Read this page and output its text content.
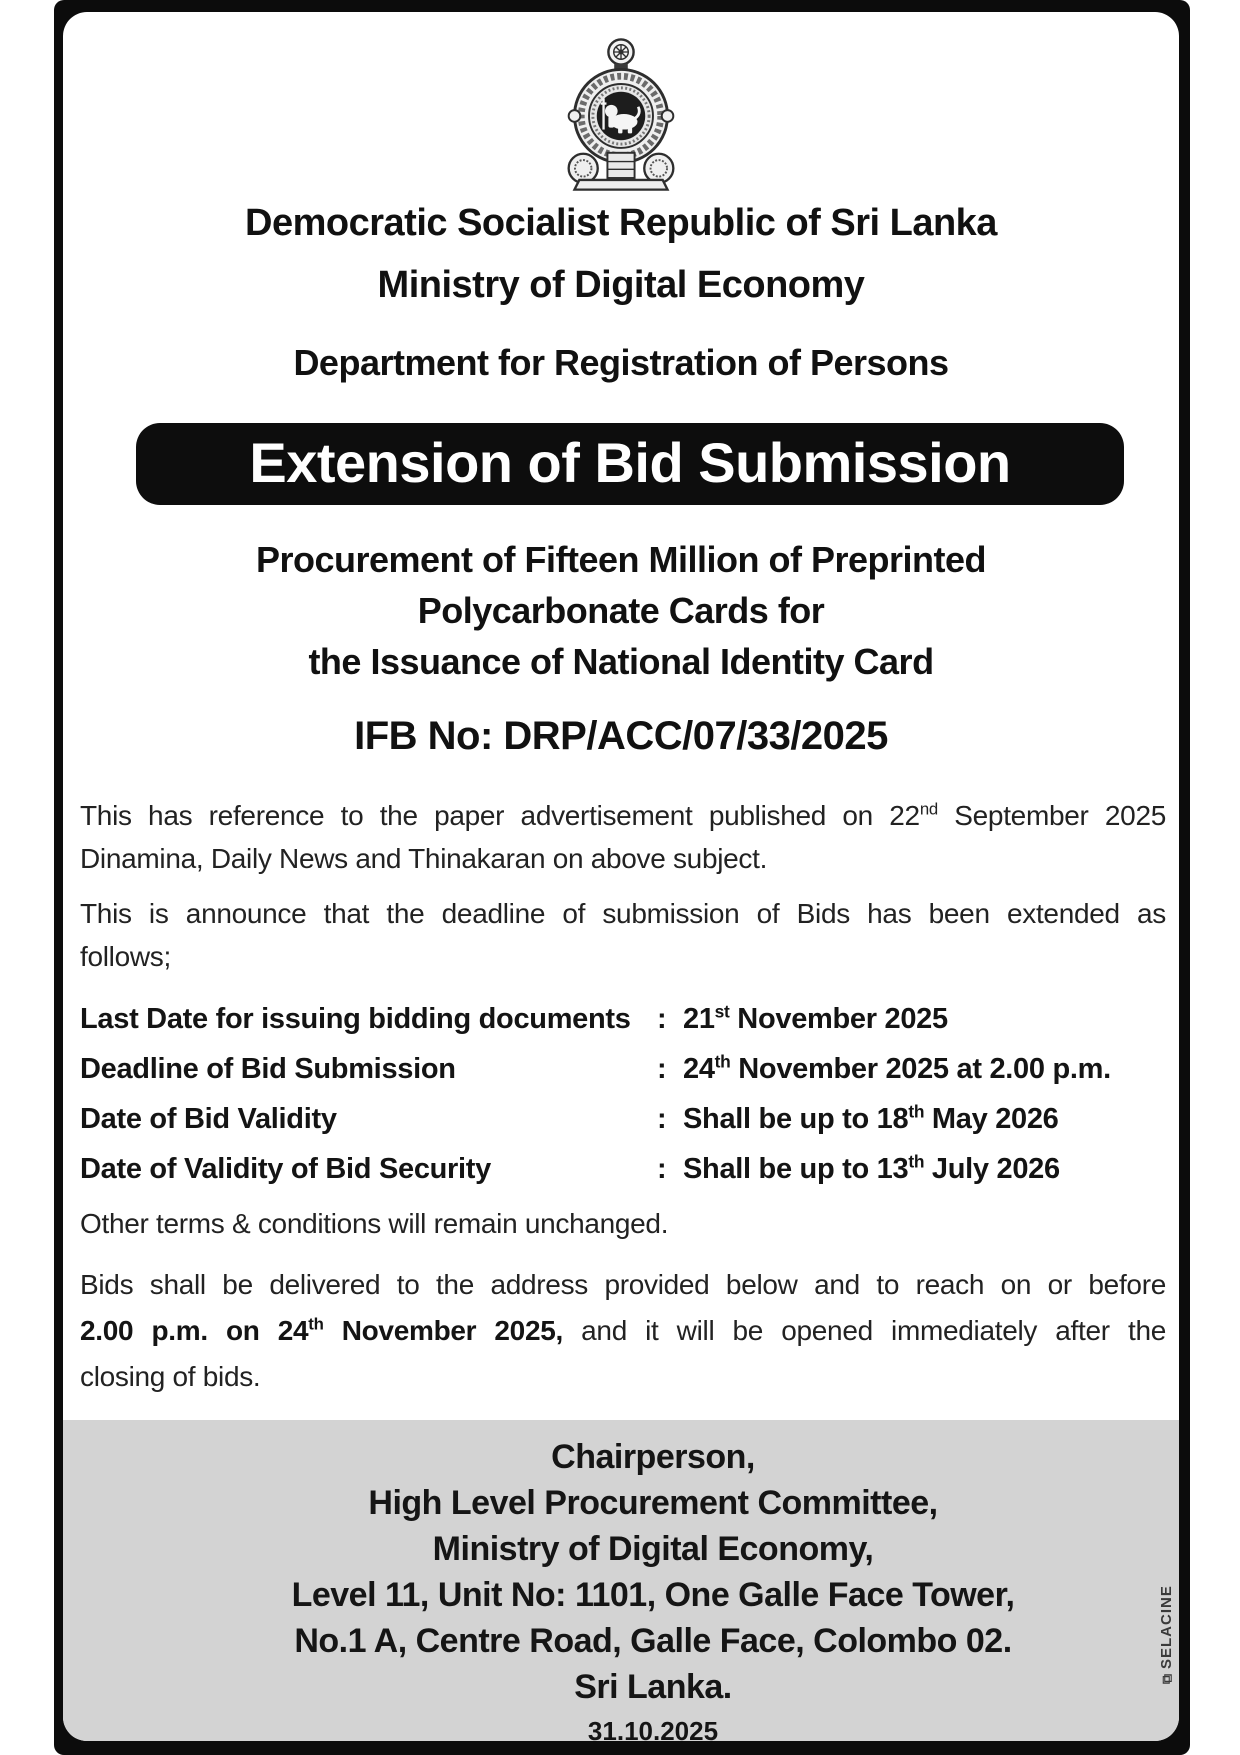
Democratic Socialist Republic of Sri Lanka
Ministry of Digital Economy
Department for Registration of Persons
Extension of Bid Submission
Procurement of Fifteen Million of Preprinted
Polycarbonate Cards for
the Issuance of National Identity Card
IFB No: DRP/ACC/07/33/2025
This has reference to the paper advertisement published on 22nd September 2025
Dinamina, Daily News and Thinakaran on above subject.
This is announce that the deadline of submission of Bids has been extended as
follows;
Last Date for issuing bidding documents : 21st November 2025
Deadline of Bid Submission	: 24th November 2025 at 2.00 p.m.
Date of Bid Validity	: Shall be up to 18th May 2026
Date of Validity of Bid Security	: Shall be up to 13th July 2026
Other terms & conditions will remain unchanged.
Bids shall be delivered to the address provided below and to reach on or before
2.00 p.m. on 24th November 2025, and it will be opened immediately after the
closing of bids.
Chairperson,
High Level Procurement Committee,
Ministry of Digital Economy,
Level 11, Unit No: 1101, One Galle Face Tower,
No.1 A, Centre Road, Galle Face, Colombo 02.
Sri Lanka.
31.10.2025
⧉
SELACINE
